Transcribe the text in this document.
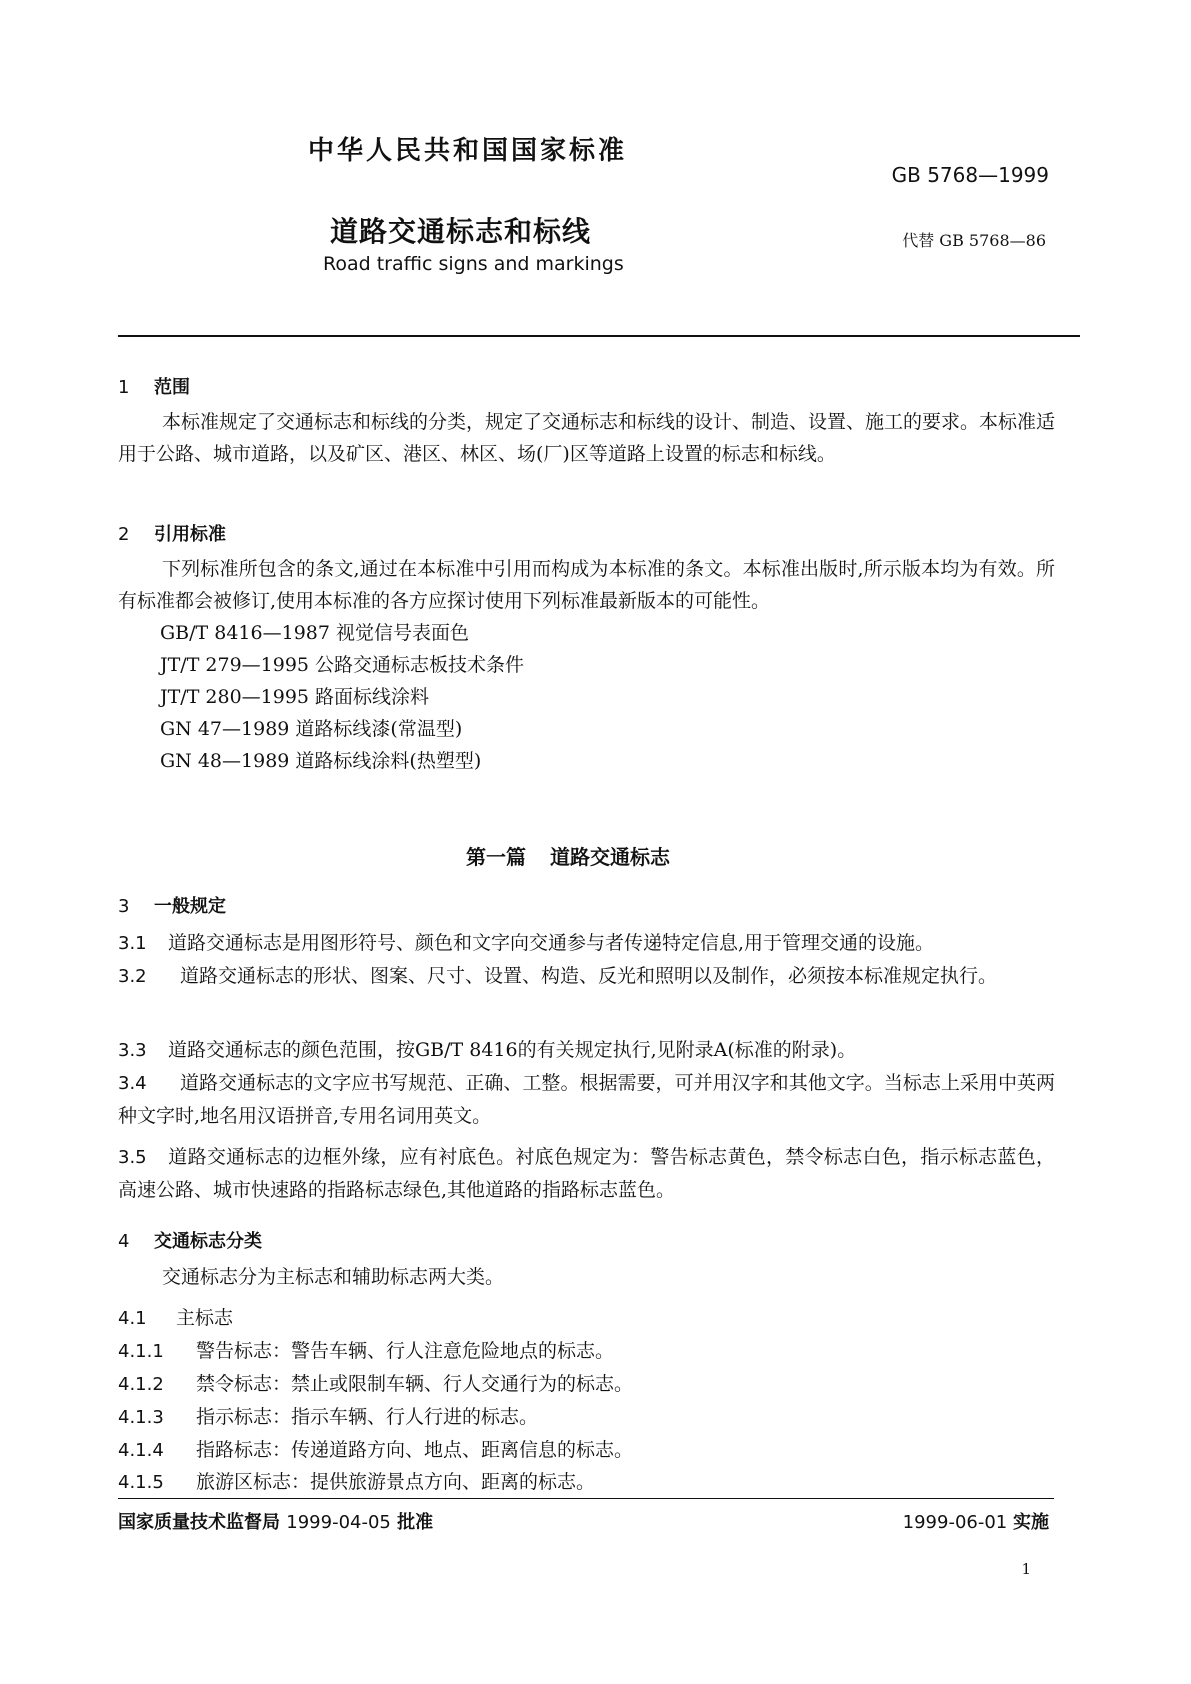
中华人民共和国国家标准
GB 5768—1999
道路交通标志和标线	代替 GB 5768—86
Road traffic signs and markings
1 范围
本标准规定了交通标志和标线的分类，规定了交通标志和标线的设计、制造、设置、施工的要求。本标准适用于公路、城市道路，以及矿区、港区、林区、场(厂)区等道路上设置的标志和标线。
2 引用标准
下列标准所包含的条文,通过在本标准中引用而构成为本标准的条文。本标准出版时,所示版本均为有效。所有标准都会被修订,使用本标准的各方应探讨使用下列标准最新版本的可能性。
GB/T 8416—1987 视觉信号表面色
JT/T 279—1995 公路交通标志板技术条件
JT/T 280—1995 路面标线涂料
GN 47—1989 道路标线漆(常温型)
GN 48—1989 道路标线涂料(热塑型)
第一篇 道路交通标志
3 一般规定
3.1 道路交通标志是用图形符号、颜色和文字向交通参与者传递特定信息,用于管理交通的设施。
3.2 道路交通标志的形状、图案、尺寸、设置、构造、反光和照明以及制作，必须按本标准规定执行。
3.3 道路交通标志的颜色范围，按GB/T 8416的有关规定执行,见附录A(标准的附录)。
3.4 道路交通标志的文字应书写规范、正确、工整。根据需要，可并用汉字和其他文字。当标志上采用中英两种文字时,地名用汉语拼音,专用名词用英文。
3.5 道路交通标志的边框外缘，应有衬底色。衬底色规定为：警告标志黄色，禁令标志白色，指示标志蓝色，高速公路、城市快速路的指路标志绿色,其他道路的指路标志蓝色。
4 交通标志分类
交通标志分为主标志和辅助标志两大类。
4.1 主标志
4.1.1 警告标志：警告车辆、行人注意危险地点的标志。
4.1.2 禁令标志：禁止或限制车辆、行人交通行为的标志。
4.1.3 指示标志：指示车辆、行人行进的标志。
4.1.4 指路标志：传递道路方向、地点、距离信息的标志。
4.1.5 旅游区标志：提供旅游景点方向、距离的标志。
国家质量技术监督局 1999-04-05 批准	1999-06-01 实施
1
